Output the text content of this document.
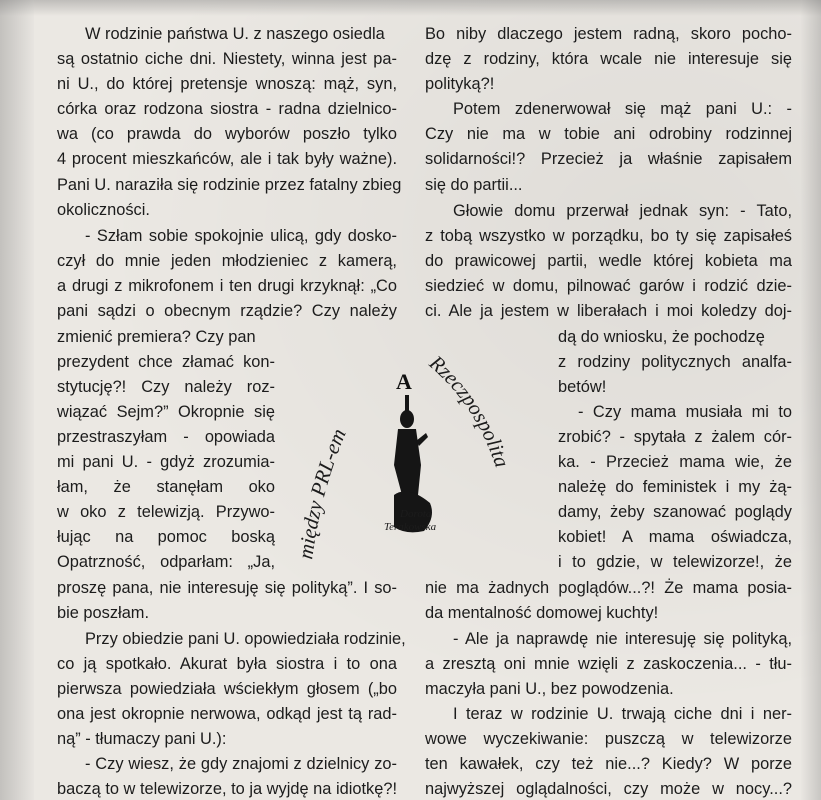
W rodzinie państwa U. z naszego osiedla
są ostatnio ciche dni. Niestety, winna jest pa-
ni U., do której pretensje wnoszą: mąż, syn,
córka oraz rodzona siostra - radna dzielnico-
wa (co prawda do wyborów poszło tylko
4 procent mieszkańców, ale i tak były ważne).
Pani U. naraziła się rodzinie przez fatalny zbieg
okoliczności.
- Szłam sobie spokojnie ulicą, gdy dosko-
czył do mnie jeden młodzieniec z kamerą,
a drugi z mikrofonem i ten drugi krzyknął: „Co
pani sądzi o obecnym rządzie? Czy należy
zmienić premiera? Czy pan
prezydent chce złamać kon-
stytucję?! Czy należy roz-
wiązać Sejm?” Okropnie się
przestraszyłam - opowiada
mi pani U. - gdyż zrozumia-
łam, że stanęłam oko
w oko z telewizją. Przywo-
łując na pomoc boską
Opatrzność, odparłam: „Ja,
proszę pana, nie interesuję się polityką”. I so-
bie poszłam.
Przy obiedzie pani U. opowiedziała rodzinie,
co ją spotkało. Akurat była siostra i to ona
pierwsza powiedziała wściekłym głosem („bo
ona jest okropnie nerwowa, odkąd jest tą rad-
ną” - tłumaczy pani U.):
- Czy wiesz, że gdy znajomi z dzielnicy zo-
baczą to w telewizorze, to ja wyjdę na idiotkę?!
Bo niby dlaczego jestem radną, skoro pocho-
dzę z rodziny, która wcale nie interesuje się
polityką?!
Potem zdenerwował się mąż pani U.: -
Czy nie ma w tobie ani odrobiny rodzinnej
solidarności!? Przecież ja właśnie zapisałem
się do partii...
Głowie domu przerwał jednak syn: - Tato,
z tobą wszystko w porządku, bo ty się zapisałeś
do prawicowej partii, wedle której kobieta ma
siedzieć w domu, pilnować garów i rodzić dzie-
ci. Ale ja jestem w liberałach i moi koledzy doj-
dą do wniosku, że pochodzę
z rodziny politycznych analfa-
betów!
- Czy mama musiała mi to
zrobić? - spytała z żalem cór-
ka. - Przecież mama wie, że
należę do feministek i my żą-
damy, żeby szanować poglądy
kobiet! A mama oświadcza,
i to gdzie, w telewizorze!, że
nie ma żadnych poglądów...?! Że mama posia-
da mentalność domowej kuchty!
- Ale ja naprawdę nie interesuję się polityką,
a zresztą oni mnie wzięli z zaskoczenia... - tłu-
maczyła pani U., bez powodzenia.
I teraz w rodzinie U. trwają ciche dni i ner-
wowe wyczekiwanie: puszczą w telewizorze
ten kawałek, czy też nie...? Kiedy? W porze
najwyższej oglądalności, czy może w nocy...?
między PRL-em
Rzeczpospolita
A
Dorota
Terakowska
